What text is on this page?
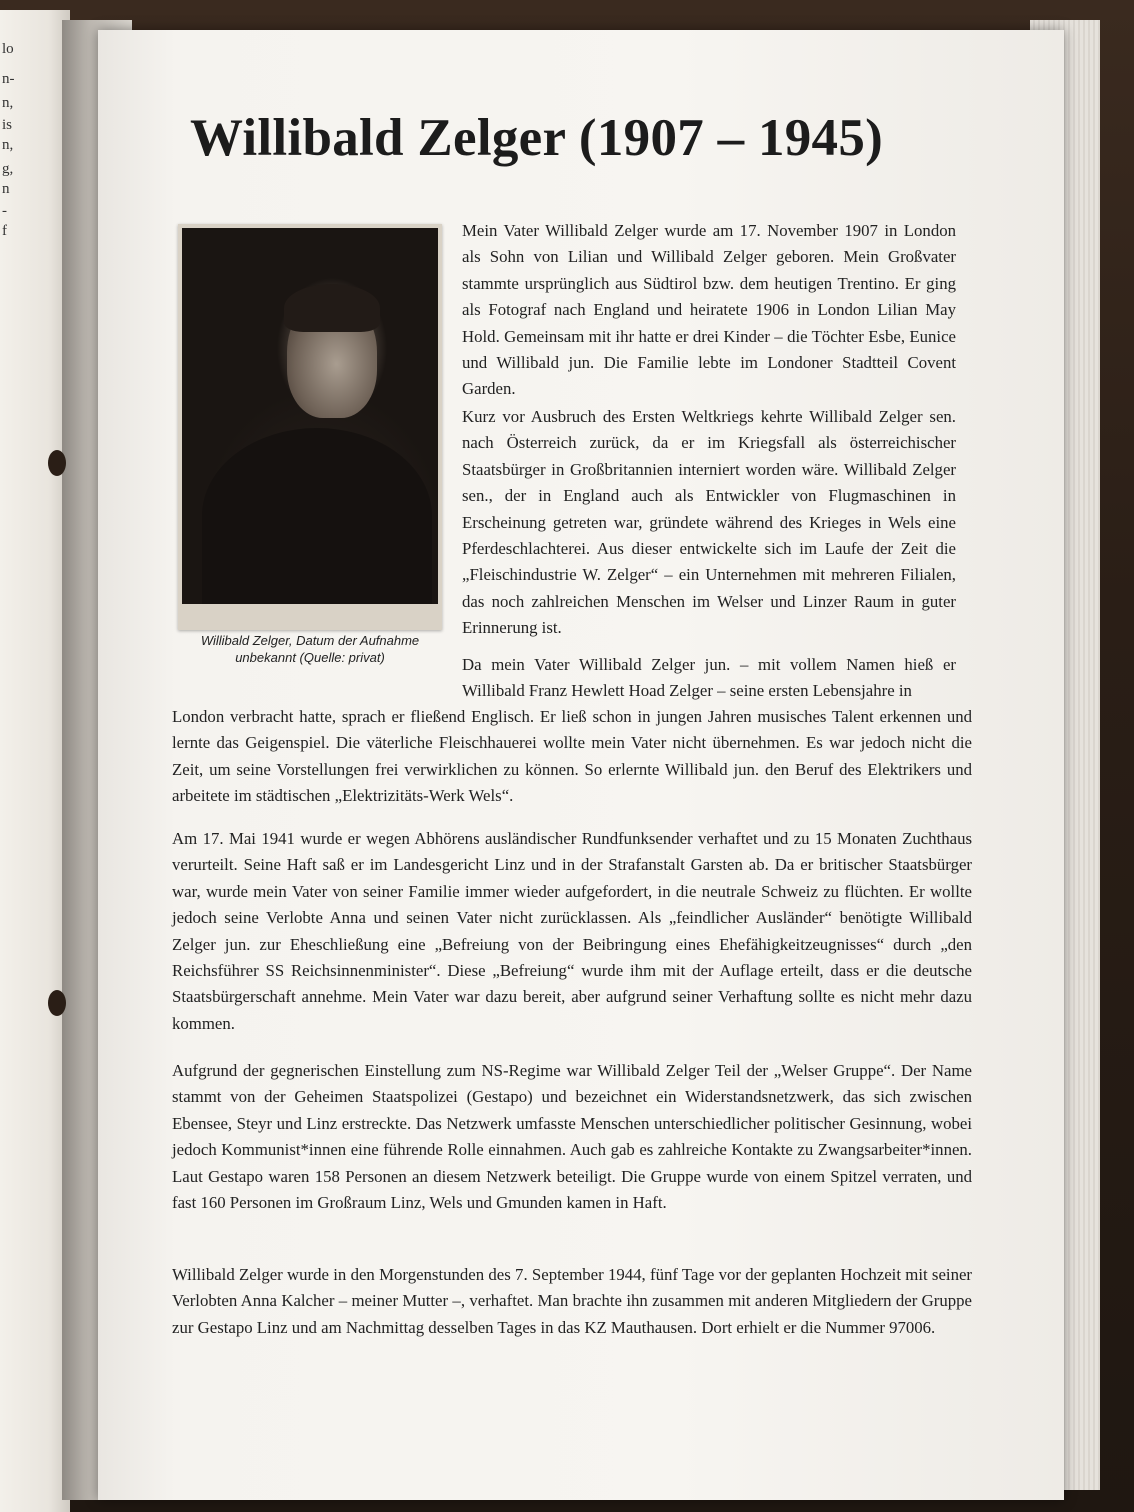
lo
n-
n,
is
n,
g,
n
-
f
Willibald Zelger (1907 – 1945)
Willibald Zelger, Datum der Aufnahme unbekannt (Quelle: privat)

Mein Vater Willibald Zelger wurde am 17. November 1907 in London als Sohn von Lilian und Willibald Zelger geboren. Mein Großvater stammte ursprünglich aus Südtirol bzw. dem heutigen Trentino. Er ging als Fotograf nach England und heiratete 1906 in London Lilian May Hold. Gemeinsam mit ihr hatte er drei Kinder – die Töchter Esbe, Eunice und Willibald jun. Die Familie lebte im Londoner Stadtteil Covent Garden.

Kurz vor Ausbruch des Ersten Weltkriegs kehrte Willibald Zelger sen. nach Österreich zurück, da er im Kriegsfall als österreichischer Staatsbürger in Großbritannien interniert worden wäre. Willibald Zelger sen., der in England auch als Entwickler von Flugmaschinen in Erscheinung getreten war, gründete während des Krieges in Wels eine Pferdeschlachterei. Aus dieser entwickelte sich im Laufe der Zeit die „Fleischindustrie W. Zelger“ – ein Unternehmen mit mehreren Filialen, das noch zahlreichen Menschen im Welser und Linzer Raum in guter Erinnerung ist.

Da mein Vater Willibald Zelger jun. – mit vollem Namen hieß er Willibald Franz Hewlett Hoad Zelger – seine ersten Lebensjahre in

London verbracht hatte, sprach er fließend Englisch. Er ließ schon in jungen Jahren musisches Talent erkennen und lernte das Geigenspiel. Die väterliche Fleischhauerei wollte mein Vater nicht übernehmen. Es war jedoch nicht die Zeit, um seine Vorstellungen frei verwirklichen zu können. So erlernte Willibald jun. den Beruf des Elektrikers und arbeitete im städtischen „Elektrizitäts-Werk Wels“.

Am 17. Mai 1941 wurde er wegen Abhörens ausländischer Rundfunksender verhaftet und zu 15 Monaten Zuchthaus verurteilt. Seine Haft saß er im Landesgericht Linz und in der Strafanstalt Garsten ab. Da er britischer Staatsbürger war, wurde mein Vater von seiner Familie immer wieder aufgefordert, in die neutrale Schweiz zu flüchten. Er wollte jedoch seine Verlobte Anna und seinen Vater nicht zurücklassen. Als „feindlicher Ausländer“ benötigte Willibald Zelger jun. zur Eheschließung eine „Befreiung von der Beibringung eines Ehefähigkeitzeugnisses“ durch „den Reichsführer SS Reichsinnenminister“. Diese „Befreiung“ wurde ihm mit der Auflage erteilt, dass er die deutsche Staatsbürgerschaft annehme. Mein Vater war dazu bereit, aber aufgrund seiner Verhaftung sollte es nicht mehr dazu kommen.

Aufgrund der gegnerischen Einstellung zum NS-Regime war Willibald Zelger Teil der „Welser Gruppe“. Der Name stammt von der Geheimen Staatspolizei (Gestapo) und bezeichnet ein Widerstandsnetzwerk, das sich zwischen Ebensee, Steyr und Linz erstreckte. Das Netzwerk umfasste Menschen unterschiedlicher politischer Gesinnung, wobei jedoch Kommunist*innen eine führende Rolle einnahmen. Auch gab es zahlreiche Kontakte zu Zwangsarbeiter*innen. Laut Gestapo waren 158 Personen an diesem Netzwerk beteiligt. Die Gruppe wurde von einem Spitzel verraten, und fast 160 Personen im Großraum Linz, Wels und Gmunden kamen in Haft.

Willibald Zelger wurde in den Morgenstunden des 7. September 1944, fünf Tage vor der geplanten Hochzeit mit seiner Verlobten Anna Kalcher – meiner Mutter –, verhaftet. Man brachte ihn zusammen mit anderen Mitgliedern der Gruppe zur Gestapo Linz und am Nachmittag desselben Tages in das KZ Mauthausen. Dort erhielt er die Nummer 97006.
